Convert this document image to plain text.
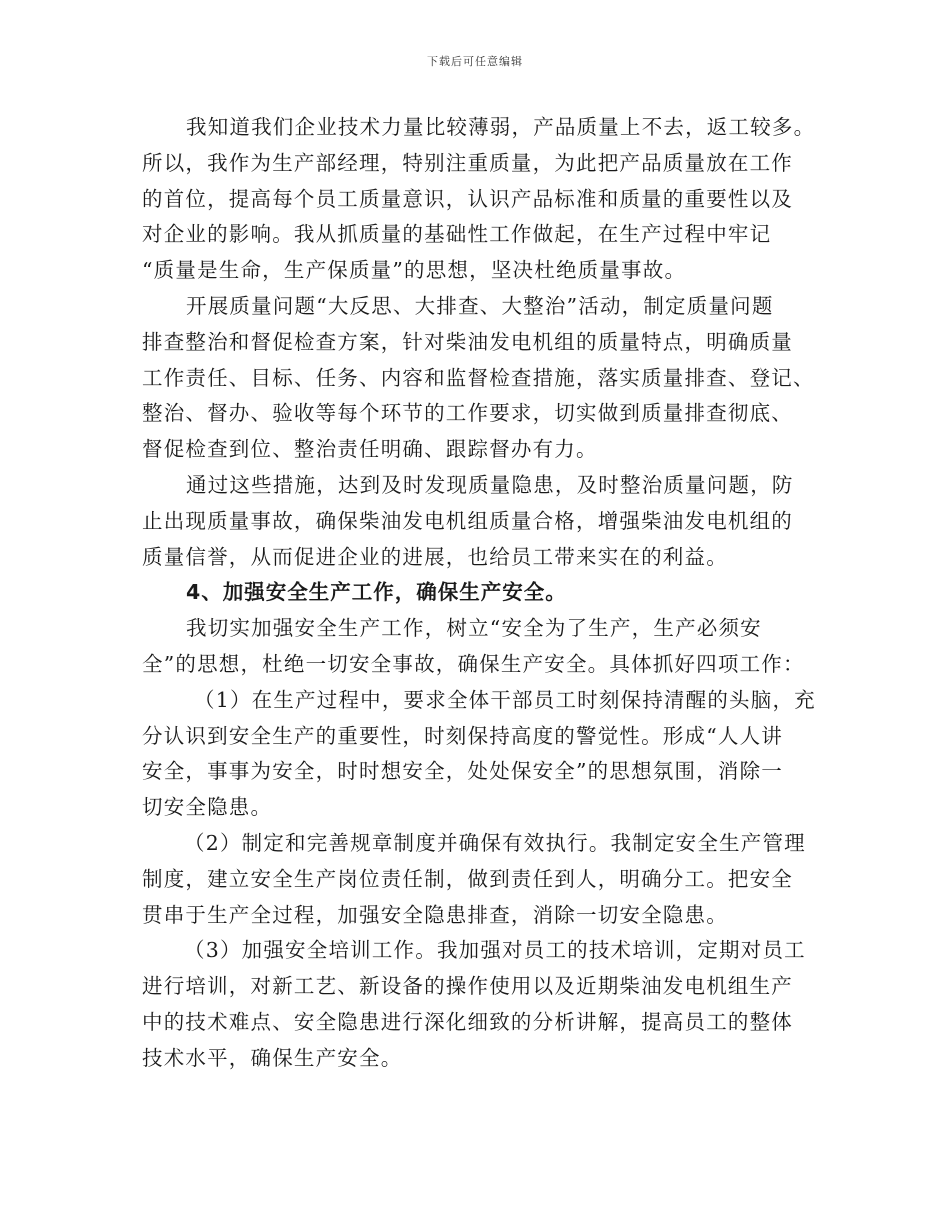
下载后可任意编辑
我知道我们企业技术力量比较薄弱，产品质量上不去，返工较多。
所以，我作为生产部经理，特别注重质量，为此把产品质量放在工作
的首位，提高每个员工质量意识，认识产品标准和质量的重要性以及
对企业的影响。我从抓质量的基础性工作做起，在生产过程中牢记
“质量是生命，生产保质量”的思想，坚决杜绝质量事故。
开展质量问题“大反思、大排查、大整治”活动，制定质量问题
排查整治和督促检查方案，针对柴油发电机组的质量特点，明确质量
工作责任、目标、任务、内容和监督检查措施，落实质量排查、登记、
整治、督办、验收等每个环节的工作要求，切实做到质量排查彻底、
督促检查到位、整治责任明确、跟踪督办有力。
通过这些措施，达到及时发现质量隐患，及时整治质量问题，防
止出现质量事故，确保柴油发电机组质量合格，增强柴油发电机组的
质量信誉，从而促进企业的进展，也给员工带来实在的利益。
4、加强安全生产工作，确保生产安全。
我切实加强安全生产工作，树立“安全为了生产，生产必须安
全”的思想，杜绝一切安全事故，确保生产安全。具体抓好四项工作：
（1）在生产过程中，要求全体干部员工时刻保持清醒的头脑，充
分认识到安全生产的重要性，时刻保持高度的警觉性。形成“人人讲
安全，事事为安全，时时想安全，处处保安全”的思想氛围，消除一
切安全隐患。
（2）制定和完善规章制度并确保有效执行。我制定安全生产管理
制度，建立安全生产岗位责任制，做到责任到人，明确分工。把安全
贯串于生产全过程，加强安全隐患排查，消除一切安全隐患。
（3）加强安全培训工作。我加强对员工的技术培训，定期对员工
进行培训，对新工艺、新设备的操作使用以及近期柴油发电机组生产
中的技术难点、安全隐患进行深化细致的分析讲解，提高员工的整体
技术水平，确保生产安全。
